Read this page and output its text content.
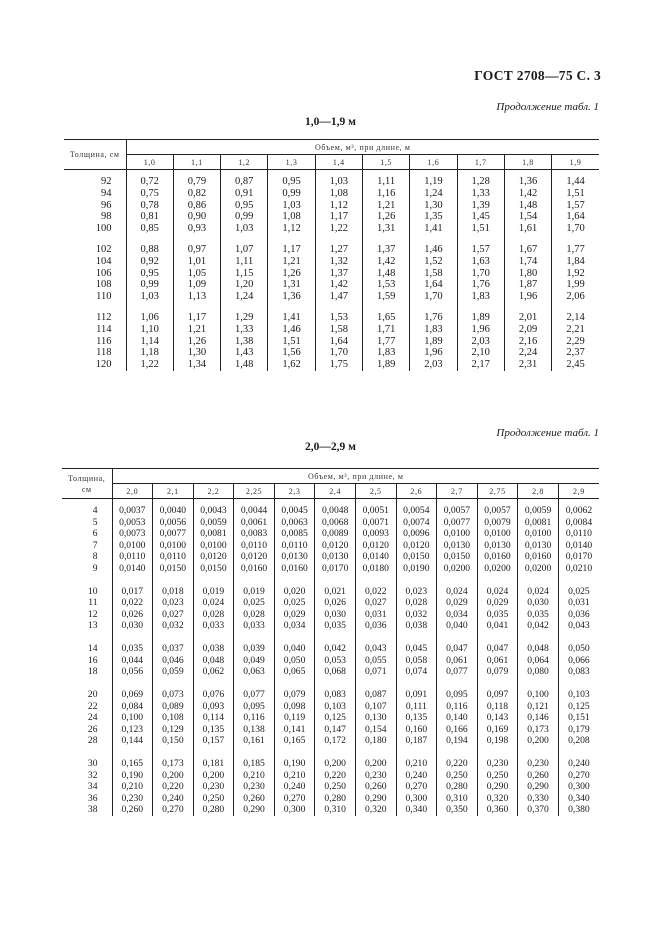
ГОСТ 2708—75 С. 3
Продолжение табл. 1
1,0—1,9 м
Толщина, см	Объем, м³, при длине, м									
	1,0	1,1	1,2	1,3	1,4	1,5	1,6	1,7	1,8	1,9
92	0,72	0,79	0,87	0,95	1,03	1,11	1,19	1,28	1,36	1,44
94	0,75	0,82	0,91	0,99	1,08	1,16	1,24	1,33	1,42	1,51
96	0,78	0,86	0,95	1,03	1,12	1,21	1,30	1,39	1,48	1,57
98	0,81	0,90	0,99	1,08	1,17	1,26	1,35	1,45	1,54	1,64
100	0,85	0,93	1,03	1,12	1,22	1,31	1,41	1,51	1,61	1,70

102	0,88	0,97	1,07	1,17	1,27	1,37	1,46	1,57	1,67	1,77
104	0,92	1,01	1,11	1,21	1,32	1,42	1,52	1,63	1,74	1,84
106	0,95	1,05	1,15	1,26	1,37	1,48	1,58	1,70	1,80	1,92
108	0,99	1,09	1,20	1,31	1,42	1,53	1,64	1,76	1,87	1,99
110	1,03	1,13	1,24	1,36	1,47	1,59	1,70	1,83	1,96	2,06

112	1,06	1,17	1,29	1,41	1,53	1,65	1,76	1,89	2,01	2,14
114	1,10	1,21	1,33	1,46	1,58	1,71	1,83	1,96	2,09	2,21
116	1,14	1,26	1,38	1,51	1,64	1,77	1,89	2,03	2,16	2,29
118	1,18	1,30	1,43	1,56	1,70	1,83	1,96	2,10	2,24	2,37
120	1,22	1,34	1,48	1,62	1,75	1,89	2,03	2,17	2,31	2,45
Продолжение табл. 1
2,0—2,9 м
Толщина, см	Объем, м³, при длине, м											
	2,0	2,1	2,2	2,25	2,3	2,4	2,5	2,6	2,7	2,75	2,8	2,9
4	0,0037	0,0040	0,0043	0,0044	0,0045	0,0048	0,0051	0,0054	0,0057	0,0057	0,0059	0,0062
5	0,0053	0,0056	0,0059	0,0061	0,0063	0,0068	0,0071	0,0074	0,0077	0,0079	0,0081	0,0084
6	0,0073	0,0077	0,0081	0,0083	0,0085	0,0089	0,0093	0,0096	0,0100	0,0100	0,0100	0,0110
7	0,0100	0,0100	0,0100	0,0110	0,0110	0,0120	0,0120	0,0120	0,0130	0,0130	0,0130	0,0140
8	0,0110	0,0110	0,0120	0,0120	0,0130	0,0130	0,0140	0,0150	0,0150	0,0160	0,0160	0,0170
9	0,0140	0,0150	0,0150	0,0160	0,0160	0,0170	0,0180	0,0190	0,0200	0,0200	0,0200	0,0210

10	0,017	0,018	0,019	0,019	0,020	0,021	0,022	0,023	0,024	0,024	0,024	0,025
11	0,022	0,023	0,024	0,025	0,025	0,026	0,027	0,028	0,029	0,029	0,030	0,031
12	0,026	0,027	0,028	0,028	0,029	0,030	0,031	0,032	0,034	0,035	0,035	0,036
13	0,030	0,032	0,033	0,033	0,034	0,035	0,036	0,038	0,040	0,041	0,042	0,043

14	0,035	0,037	0,038	0,039	0,040	0,042	0,043	0,045	0,047	0,047	0,048	0,050
16	0,044	0,046	0,048	0,049	0,050	0,053	0,055	0,058	0,061	0,061	0,064	0,066
18	0,056	0,059	0,062	0,063	0,065	0,068	0,071	0,074	0,077	0,079	0,080	0,083

20	0,069	0,073	0,076	0,077	0,079	0,083	0,087	0,091	0,095	0,097	0,100	0,103
22	0,084	0,089	0,093	0,095	0,098	0,103	0,107	0,111	0,116	0,118	0,121	0,125
24	0,100	0,108	0,114	0,116	0,119	0,125	0,130	0,135	0,140	0,143	0,146	0,151
26	0,123	0,129	0,135	0,138	0,141	0,147	0,154	0,160	0,166	0,169	0,173	0,179
28	0,144	0,150	0,157	0,161	0,165	0,172	0,180	0,187	0,194	0,198	0,200	0,208

30	0,165	0,173	0,181	0,185	0,190	0,200	0,200	0,210	0,220	0,230	0,230	0,240
32	0,190	0,200	0,200	0,210	0,210	0,220	0,230	0,240	0,250	0,250	0,260	0,270
34	0,210	0,220	0,230	0,230	0,240	0,250	0,260	0,270	0,280	0,290	0,290	0,300
36	0,230	0,240	0,250	0,260	0,270	0,280	0,290	0,300	0,310	0,320	0,330	0,340
38	0,260	0,270	0,280	0,290	0,300	0,310	0,320	0,340	0,350	0,360	0,370	0,380
